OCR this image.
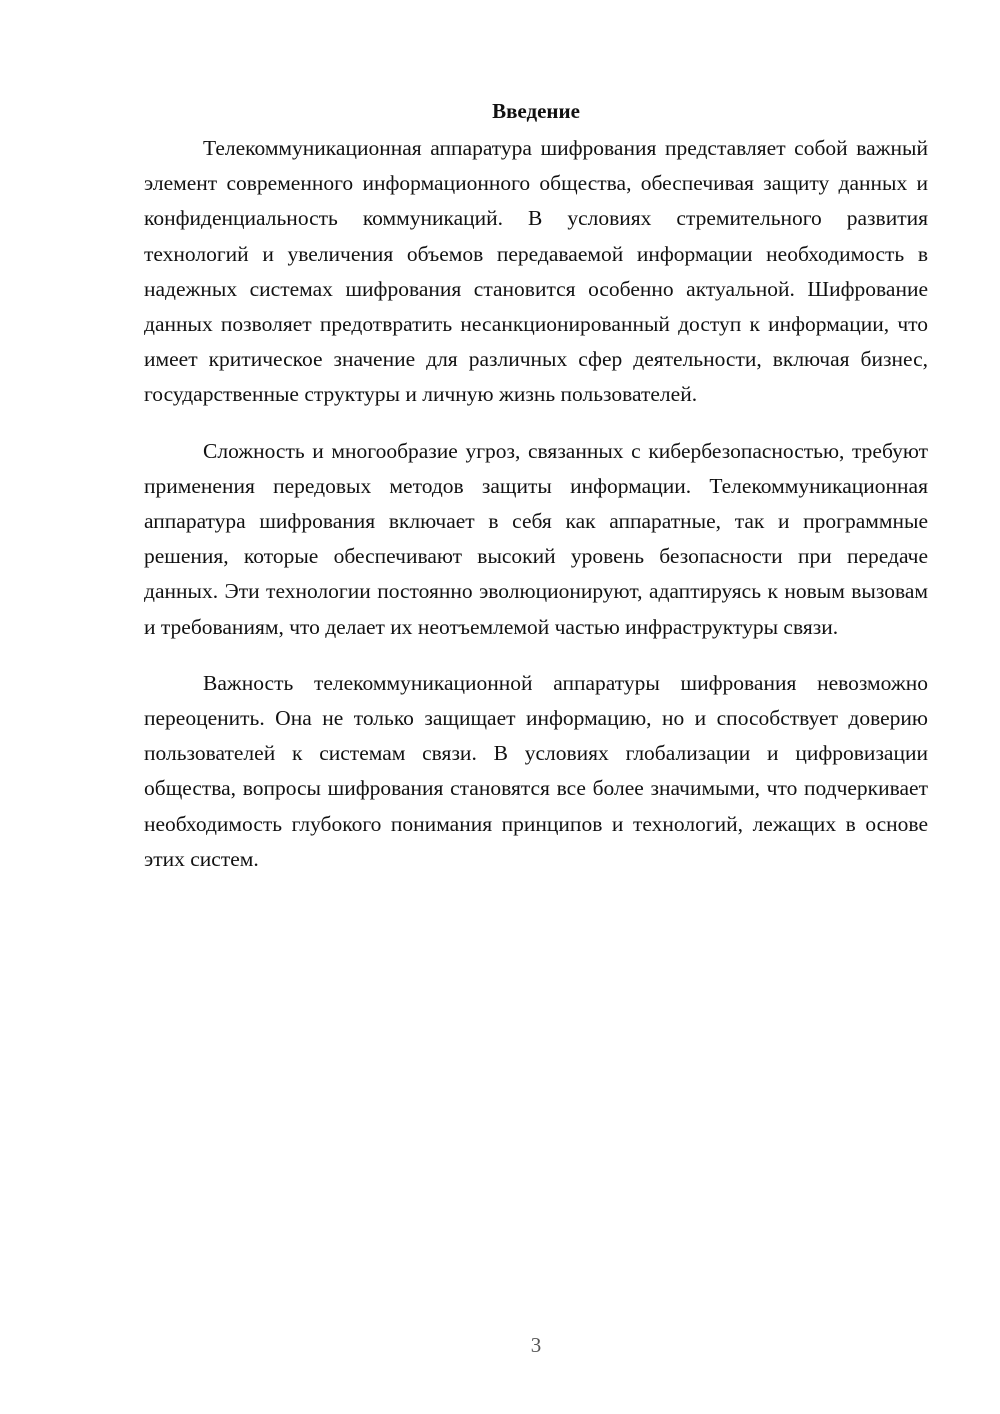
Введение

Телекоммуникационная аппаратура шифрования представляет собой важный элемент современного информационного общества, обеспечивая защиту данных и конфиденциальность коммуникаций. В условиях стремительного развития технологий и увеличения объемов передаваемой информации необходимость в надежных системах шифрования становится особенно актуальной. Шифрование данных позволяет предотвратить несанкционированный доступ к информации, что имеет критическое значение для различных сфер деятельности, включая бизнес, государственные структуры и личную жизнь пользователей.

Сложность и многообразие угроз, связанных с кибербезопасностью, требуют применения передовых методов защиты информации. Телекоммуникационная аппаратура шифрования включает в себя как аппаратные, так и программные решения, которые обеспечивают высокий уровень безопасности при передаче данных. Эти технологии постоянно эволюционируют, адаптируясь к новым вызовам и требованиям, что делает их неотъемлемой частью инфраструктуры связи.

Важность телекоммуникационной аппаратуры шифрования невозможно переоценить. Она не только защищает информацию, но и способствует доверию пользователей к системам связи. В условиях глобализации и цифровизации общества, вопросы шифрования становятся все более значимыми, что подчеркивает необходимость глубокого понимания принципов и технологий, лежащих в основе этих систем.

3
